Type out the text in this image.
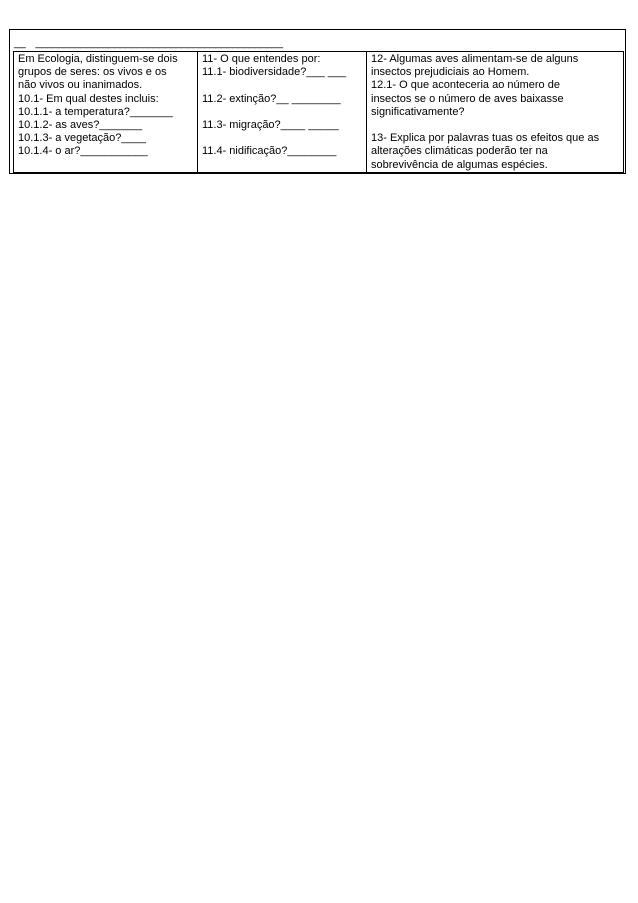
__    ____________________________________________
Em Ecologia, distinguem-se dois
grupos de seres: os vivos e os
não vivos ou inanimados.
10.1- Em qual destes incluis:
10.1.1- a temperatura?_______
10.1.2- as aves?_______
10.1.3- a vegetação?____
10.1.4- o ar?___________

11- O que entendes por:
11.1- biodiversidade?___ ___
11.2- extinção?__ ________
11.3- migração?____ _____
11.4- nidificação?________

12- Algumas aves alimentam-se de alguns
insectos prejudiciais ao Homem.
12.1- O que aconteceria ao número de
insectos se o número de aves baixasse
significativamente?
13- Explica por palavras tuas os efeitos que as
alterações climáticas poderão ter na
sobrevivência de algumas espécies.
